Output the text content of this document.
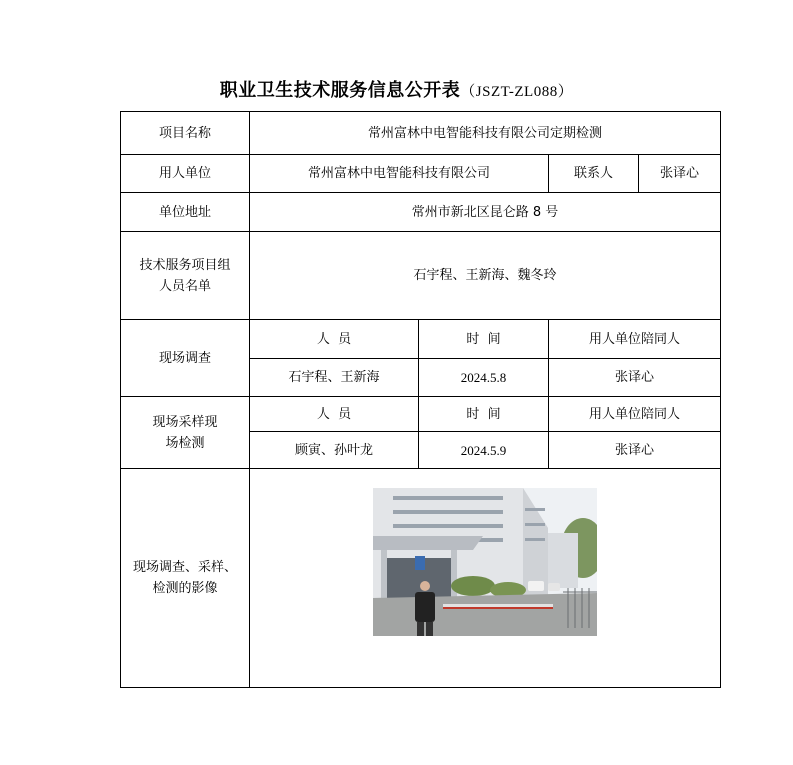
职业卫生技术服务信息公开表（JSZT-ZL088）
项目名称	常州富林中电智能科技有限公司定期检测			
用人单位	常州富林中电智能科技有限公司		联系人	张译心
单位地址	常州市新北区昆仑路 8 号			
技术服务项目组人员名单	石宇程、王新海、魏冬玲			
现场调查	人  员	时  间	用人单位陪同人	
	石宇程、王新海	2024.5.8	张译心	
现场采样现场检测	人  员	时  间	用人单位陪同人	
	顾寅、孙叶龙	2024.5.9	张译心	
现场调查、采样、检测的影像	
